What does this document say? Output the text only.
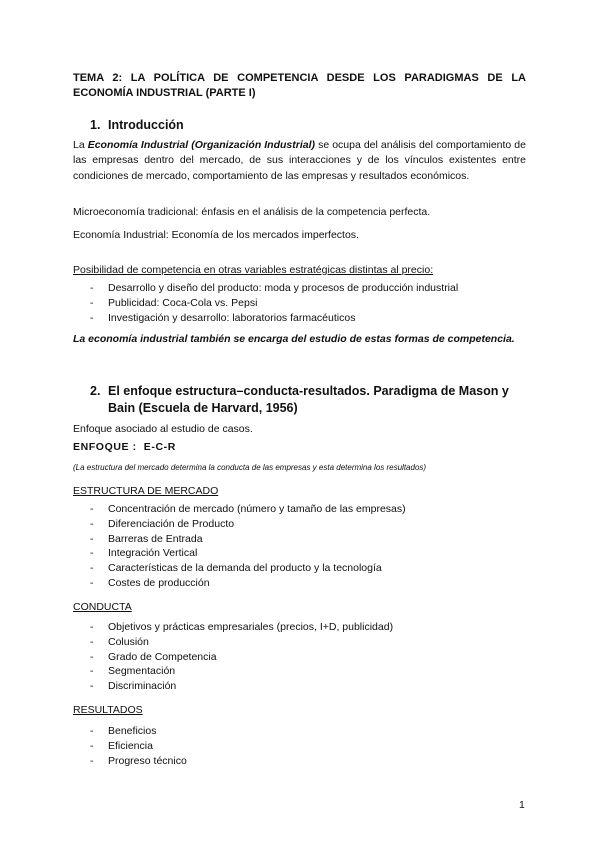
TEMA 2: LA POLÍTICA DE COMPETENCIA DESDE LOS PARADIGMAS DE LA ECONOMÍA INDUSTRIAL (PARTE I)
1. Introducción
La Economía Industrial (Organización Industrial) se ocupa del análisis del comportamiento de las empresas dentro del mercado, de sus interacciones y de los vínculos existentes entre condiciones de mercado, comportamiento de las empresas y resultados económicos.
Microeconomía tradicional: énfasis en el análisis de la competencia perfecta.
Economía Industrial: Economía de los mercados imperfectos.
Posibilidad de competencia en otras variables estratégicas distintas al precio:
- Desarrollo y diseño del producto: moda y procesos de producción industrial
- Publicidad: Coca-Cola vs. Pepsi
- Investigación y desarrollo: laboratorios farmacéuticos
La economía industrial también se encarga del estudio de estas formas de competencia.
2. El enfoque estructura–conducta-resultados. Paradigma de Mason y Bain (Escuela de Harvard, 1956)
Enfoque asociado al estudio de casos.
ENFOQUE : E-C-R
(La estructura del mercado determina la conducta de las empresas y esta determina los resultados)
ESTRUCTURA DE MERCADO
- Concentración de mercado (número y tamaño de las empresas)
- Diferenciación de Producto
- Barreras de Entrada
- Integración Vertical
- Características de la demanda del producto y la tecnología
- Costes de producción
CONDUCTA
- Objetivos y prácticas empresariales (precios, I+D, publicidad)
- Colusión
- Grado de Competencia
- Segmentación
- Discriminación
RESULTADOS
- Beneficios
- Eficiencia
- Progreso técnico
1
